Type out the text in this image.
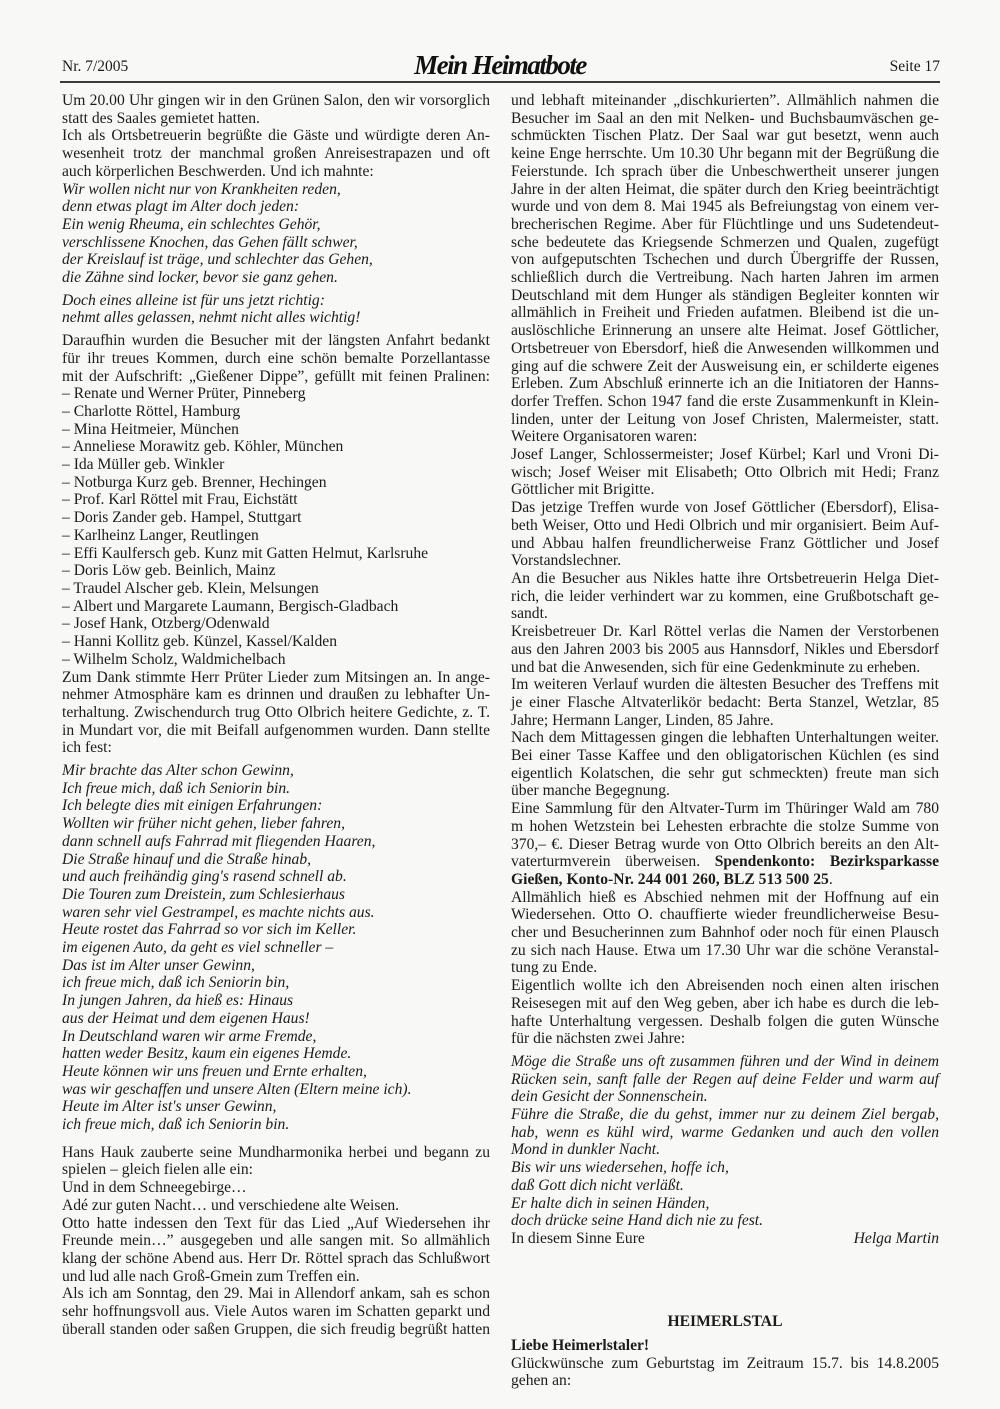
Nr. 7/2005	Mein Heimatbote	Seite 17
Um 20.00 Uhr gingen wir in den Grünen Salon, den wir vorsorglich
statt des Saales gemietet hatten.
Ich als Ortsbetreuerin begrüßte die Gäste und würdigte deren An-
wesenheit trotz der manchmal großen Anreisestrapazen und oft
auch körperlichen Beschwerden. Und ich mahnte:
Wir wollen nicht nur von Krankheiten reden,
denn etwas plagt im Alter doch jeden:
Ein wenig Rheuma, ein schlechtes Gehör,
verschlissene Knochen, das Gehen fällt schwer,
der Kreislauf ist träge, und schlechter das Gehen,
die Zähne sind locker, bevor sie ganz gehen.
Doch eines alleine ist für uns jetzt richtig:
nehmt alles gelassen, nehmt nicht alles wichtig!
Daraufhin wurden die Besucher mit der längsten Anfahrt bedankt
für ihr treues Kommen, durch eine schön bemalte Porzellantasse
mit der Aufschrift: „Gießener Dippe”, gefüllt mit feinen Pralinen:
– Renate und Werner Prüter, Pinneberg
– Charlotte Röttel, Hamburg
– Mina Heitmeier, München
– Anneliese Morawitz geb. Köhler, München
– Ida Müller geb. Winkler
– Notburga Kurz geb. Brenner, Hechingen
– Prof. Karl Röttel mit Frau, Eichstätt
– Doris Zander geb. Hampel, Stuttgart
– Karlheinz Langer, Reutlingen
– Effi Kaulfersch geb. Kunz mit Gatten Helmut, Karlsruhe
– Doris Löw geb. Beinlich, Mainz
– Traudel Alscher geb. Klein, Melsungen
– Albert und Margarete Laumann, Bergisch-Gladbach
– Josef Hank, Otzberg/Odenwald
– Hanni Kollitz geb. Künzel, Kassel/Kalden
– Wilhelm Scholz, Waldmichelbach
Zum Dank stimmte Herr Prüter Lieder zum Mitsingen an. In ange-
nehmer Atmosphäre kam es drinnen und draußen zu lebhafter Un-
terhaltung. Zwischendurch trug Otto Olbrich heitere Gedichte, z. T.
in Mundart vor, die mit Beifall aufgenommen wurden. Dann stellte
ich fest:
Mir brachte das Alter schon Gewinn,
Ich freue mich, daß ich Seniorin bin.
Ich belegte dies mit einigen Erfahrungen:
Wollten wir früher nicht gehen, lieber fahren,
dann schnell aufs Fahrrad mit fliegenden Haaren,
Die Straße hinauf und die Straße hinab,
und auch freihändig ging's rasend schnell ab.
Die Touren zum Dreistein, zum Schlesierhaus
waren sehr viel Gestrampel, es machte nichts aus.
Heute rostet das Fahrrad so vor sich im Keller.
im eigenen Auto, da geht es viel schneller –
Das ist im Alter unser Gewinn,
ich freue mich, daß ich Seniorin bin,
In jungen Jahren, da hieß es: Hinaus
aus der Heimat und dem eigenen Haus!
In Deutschland waren wir arme Fremde,
hatten weder Besitz, kaum ein eigenes Hemde.
Heute können wir uns freuen und Ernte erhalten,
was wir geschaffen und unsere Alten (Eltern meine ich).
Heute im Alter ist's unser Gewinn,
ich freue mich, daß ich Seniorin bin.
Hans Hauk zauberte seine Mundharmonika herbei und begann zu
spielen – gleich fielen alle ein:
Und in dem Schneegebirge…
Adé zur guten Nacht… und verschiedene alte Weisen.
Otto hatte indessen den Text für das Lied „Auf Wiedersehen ihr
Freunde mein…” ausgegeben und alle sangen mit. So allmählich
klang der schöne Abend aus. Herr Dr. Röttel sprach das Schlußwort
und lud alle nach Groß-Gmein zum Treffen ein.
Als ich am Sonntag, den 29. Mai in Allendorf ankam, sah es schon
sehr hoffnungsvoll aus. Viele Autos waren im Schatten geparkt und
überall standen oder saßen Gruppen, die sich freudig begrüßt hatten
und lebhaft miteinander „dischkurierten”. Allmählich nahmen die
Besucher im Saal an den mit Nelken- und Buchsbaumväschen ge-
schmückten Tischen Platz. Der Saal war gut besetzt, wenn auch
keine Enge herrschte. Um 10.30 Uhr begann mit der Begrüßung die
Feierstunde. Ich sprach über die Unbeschwertheit unserer jungen
Jahre in der alten Heimat, die später durch den Krieg beeinträchtigt
wurde und von dem 8. Mai 1945 als Befreiungstag von einem ver-
brecherischen Regime. Aber für Flüchtlinge und uns Sudetendeut-
sche bedeutete das Kriegsende Schmerzen und Qualen, zugefügt
von aufgeputschten Tschechen und durch Übergriffe der Russen,
schließlich durch die Vertreibung. Nach harten Jahren im armen
Deutschland mit dem Hunger als ständigen Begleiter konnten wir
allmählich in Freiheit und Frieden aufatmen. Bleibend ist die un-
auslöschliche Erinnerung an unsere alte Heimat. Josef Göttlicher,
Ortsbetreuer von Ebersdorf, hieß die Anwesenden willkommen und
ging auf die schwere Zeit der Ausweisung ein, er schilderte eigenes
Erleben. Zum Abschluß erinnerte ich an die Initiatoren der Hanns-
dorfer Treffen. Schon 1947 fand die erste Zusammenkunft in Klein-
linden, unter der Leitung von Josef Christen, Malermeister, statt.
Weitere Organisatoren waren:
Josef Langer, Schlossermeister; Josef Kürbel; Karl und Vroni Di-
wisch; Josef Weiser mit Elisabeth; Otto Olbrich mit Hedi; Franz
Göttlicher mit Brigitte.
Das jetzige Treffen wurde von Josef Göttlicher (Ebersdorf), Elisa-
beth Weiser, Otto und Hedi Olbrich und mir organisiert. Beim Auf-
und Abbau halfen freundlicherweise Franz Göttlicher und Josef
Vorstandslechner.
An die Besucher aus Nikles hatte ihre Ortsbetreuerin Helga Diet-
rich, die leider verhindert war zu kommen, eine Grußbotschaft ge-
sandt.
Kreisbetreuer Dr. Karl Röttel verlas die Namen der Verstorbenen
aus den Jahren 2003 bis 2005 aus Hannsdorf, Nikles und Ebersdorf
und bat die Anwesenden, sich für eine Gedenkminute zu erheben.
Im weiteren Verlauf wurden die ältesten Besucher des Treffens mit
je einer Flasche Altvaterlikör bedacht: Berta Stanzel, Wetzlar, 85
Jahre; Hermann Langer, Linden, 85 Jahre.
Nach dem Mittagessen gingen die lebhaften Unterhaltungen weiter.
Bei einer Tasse Kaffee und den obligatorischen Küchlen (es sind
eigentlich Kolatschen, die sehr gut schmeckten) freute man sich
über manche Begegnung.
Eine Sammlung für den Altvater-Turm im Thüringer Wald am 780
m hohen Wetzstein bei Lehesten erbrachte die stolze Summe von
370,– €. Dieser Betrag wurde von Otto Olbrich bereits an den Alt-
vaterturmverein überweisen. Spendenkonto: Bezirksparkasse
Gießen, Konto-Nr. 244 001 260, BLZ 513 500 25.
Allmählich hieß es Abschied nehmen mit der Hoffnung auf ein
Wiedersehen. Otto O. chauffierte wieder freundlicherweise Besu-
cher und Besucherinnen zum Bahnhof oder noch für einen Plausch
zu sich nach Hause. Etwa um 17.30 Uhr war die schöne Veranstal-
tung zu Ende.
Eigentlich wollte ich den Abreisenden noch einen alten irischen
Reisesegen mit auf den Weg geben, aber ich habe es durch die leb-
hafte Unterhaltung vergessen. Deshalb folgen die guten Wünsche
für die nächsten zwei Jahre:
Möge die Straße uns oft zusammen führen und der Wind in deinem
Rücken sein, sanft falle der Regen auf deine Felder und warm auf
dein Gesicht der Sonnenschein.
Führe die Straße, die du gehst, immer nur zu deinem Ziel bergab,
hab, wenn es kühl wird, warme Gedanken und auch den vollen
Mond in dunkler Nacht.
Bis wir uns wiedersehen, hoffe ich,
daß Gott dich nicht verläßt.
Er halte dich in seinen Händen,
doch drücke seine Hand dich nie zu fest.
In diesem Sinne Eure	Helga Martin
HEIMERLSTAL
Liebe Heimerlstaler!
Glückwünsche zum Geburtstag im Zeitraum 15.7. bis 14.8.2005
gehen an:
